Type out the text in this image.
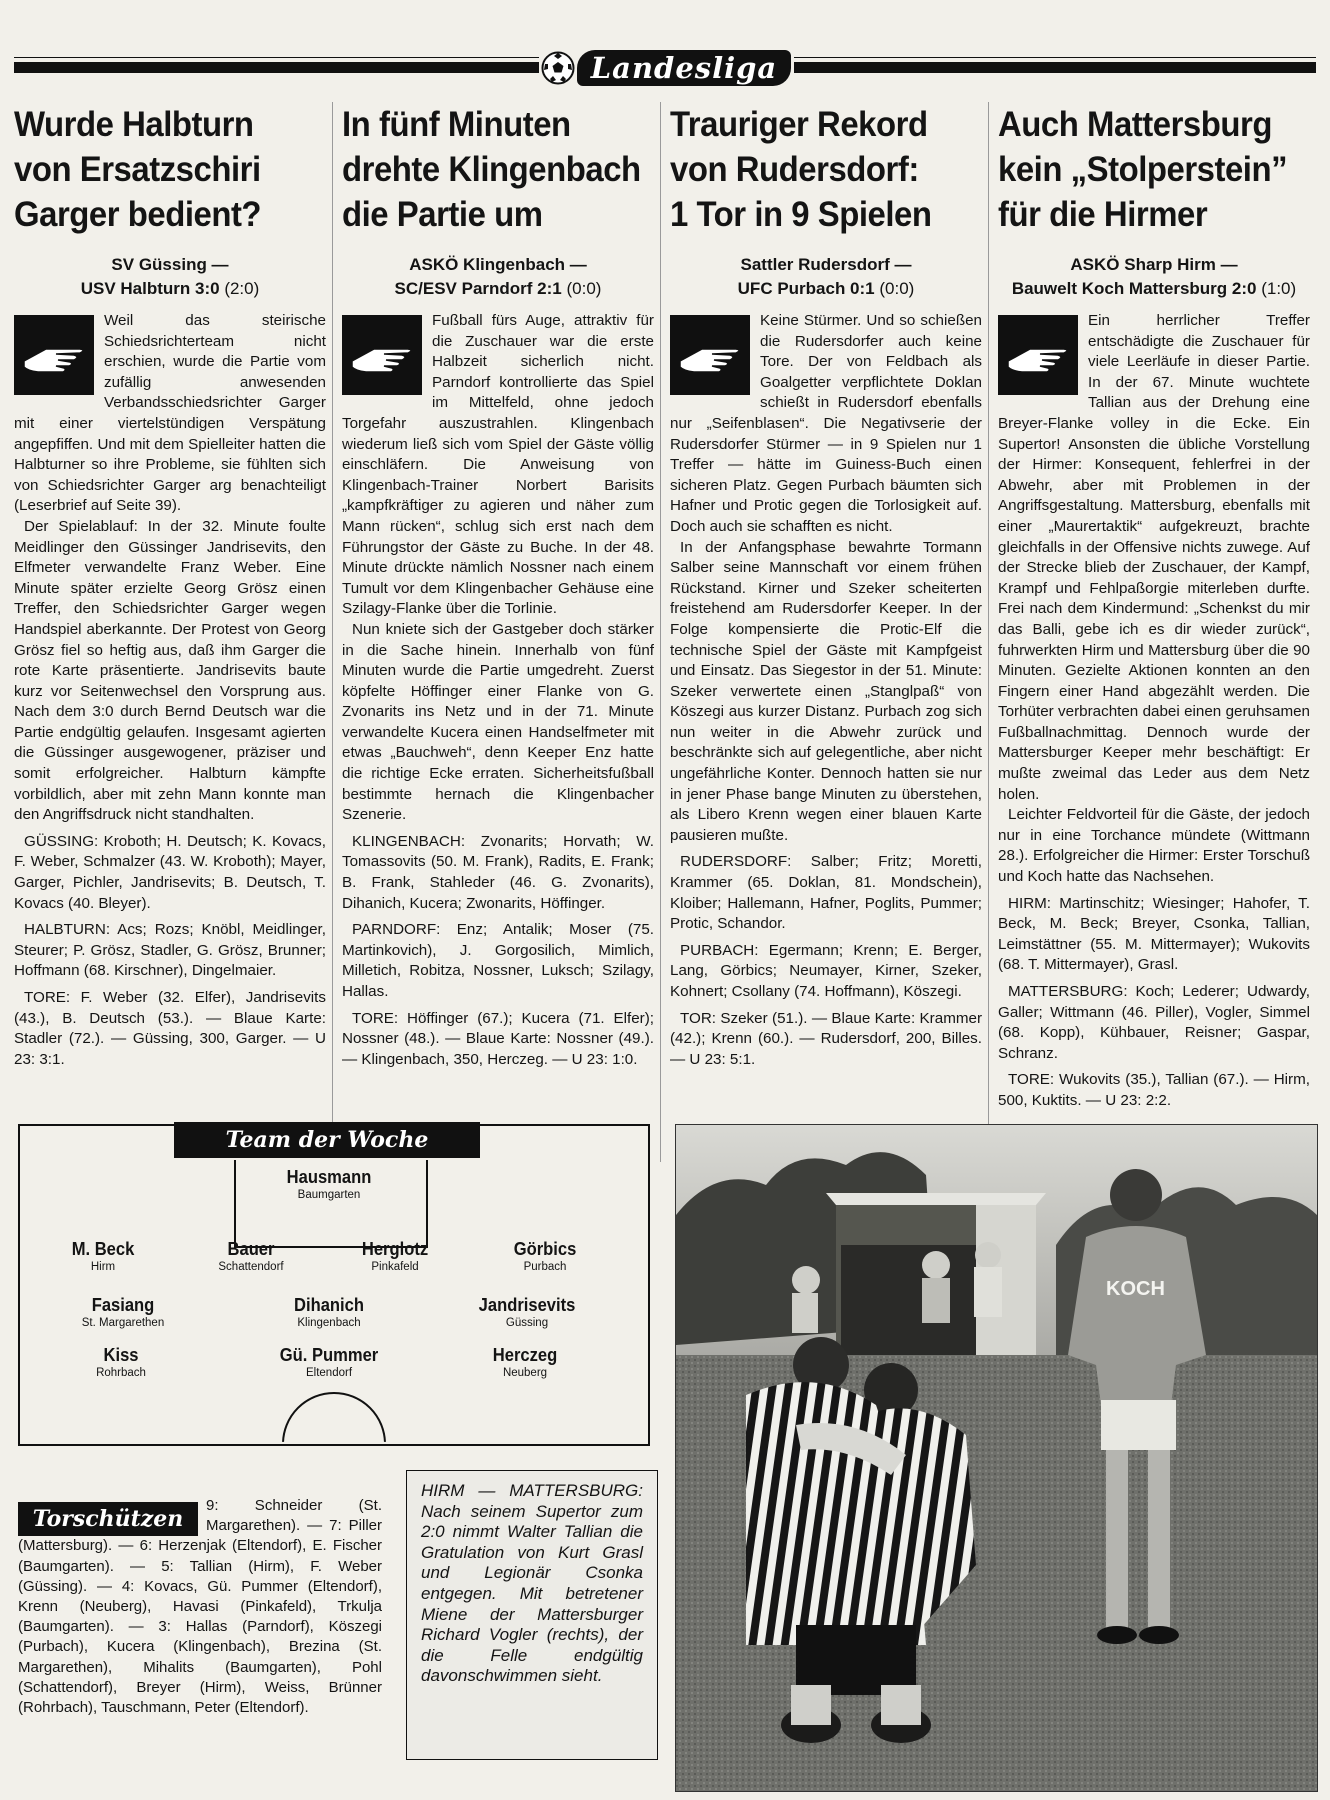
Landesliga
Wurde Halbturn
von Ersatzschiri
Garger bedient?
SV Güssing —
USV Halbturn 3:0 (2:0)

Weil das steirische Schiedsrichterteam nicht erschien, wurde die Partie vom zufällig anwesenden Verbandsschiedsrichter Garger mit einer viertelstündigen Verspätung angepfiffen. Und mit dem Spielleiter hatten die Halbturner so ihre Probleme, sie fühlten sich von Schiedsrichter Garger arg benachteiligt (Leserbrief auf Seite 39).

Der Spielablauf: In der 32. Minute foulte Meidlinger den Güssinger Jandrisevits, den Elfmeter verwandelte Franz Weber. Eine Minute später erzielte Georg Grösz einen Treffer, den Schiedsrichter Garger wegen Handspiel aberkannte. Der Protest von Georg Grösz fiel so heftig aus, daß ihm Garger die rote Karte präsentierte. Jandrisevits baute kurz vor Seitenwechsel den Vorsprung aus. Nach dem 3:0 durch Bernd Deutsch war die Partie endgültig gelaufen. Insgesamt agierten die Güssinger ausgewogener, präziser und somit erfolgreicher. Halbturn kämpfte vorbildlich, aber mit zehn Mann konnte man den Angriffsdruck nicht standhalten.

GÜSSING: Kroboth; H. Deutsch; K. Kovacs, F. Weber, Schmalzer (43. W. Kroboth); Mayer, Garger, Pichler, Jandrisevits; B. Deutsch, T. Kovacs (40. Bleyer).

HALBTURN: Acs; Rozs; Knöbl, Meidlinger, Steurer; P. Grösz, Stadler, G. Grösz, Brunner; Hoffmann (68. Kirschner), Dingelmaier.

TORE: F. Weber (32. Elfer), Jandrisevits (43.), B. Deutsch (53.). — Blaue Karte: Stadler (72.). — Güssing, 300, Garger. — U 23: 3:1.

In fünf Minuten
drehte Klingenbach
die Partie um
ASKÖ Klingenbach —
SC/ESV Parndorf 2:1 (0:0)

Fußball fürs Auge, attraktiv für die Zuschauer war die erste Halbzeit sicherlich nicht. Parndorf kontrollierte das Spiel im Mittelfeld, ohne jedoch Torgefahr auszustrahlen. Klingenbach wiederum ließ sich vom Spiel der Gäste völlig einschläfern. Die Anweisung von Klingenbach-Trainer Norbert Barisits „kampfkräftiger zu agieren und näher zum Mann rücken“, schlug sich erst nach dem Führungstor der Gäste zu Buche. In der 48. Minute drückte nämlich Nossner nach einem Tumult vor dem Klingenbacher Gehäuse eine Szilagy-Flanke über die Torlinie.

Nun kniete sich der Gastgeber doch stärker in die Sache hinein. Innerhalb von fünf Minuten wurde die Partie umgedreht. Zuerst köpfelte Höffinger einer Flanke von G. Zvonarits ins Netz und in der 71. Minute verwandelte Kucera einen Handselfmeter mit etwas „Bauchweh“, denn Keeper Enz hatte die richtige Ecke erraten. Sicherheitsfußball bestimmte hernach die Klingenbacher Szenerie.

KLINGENBACH: Zvonarits; Horvath; W. Tomassovits (50. M. Frank), Radits, E. Frank; B. Frank, Stahleder (46. G. Zvonarits), Dihanich, Kucera; Zwonarits, Höffinger.

PARNDORF: Enz; Antalik; Moser (75. Martinkovich), J. Gorgosilich, Mimlich, Milletich, Robitza, Nossner, Luksch; Szilagy, Hallas.

TORE: Höffinger (67.); Kucera (71. Elfer); Nossner (48.). — Blaue Karte: Nossner (49.). — Klingenbach, 350, Herczeg. — U 23: 1:0.

Trauriger Rekord
von Rudersdorf:
1 Tor in 9 Spielen
Sattler Rudersdorf —
UFC Purbach 0:1 (0:0)

Keine Stürmer. Und so schießen die Rudersdorfer auch keine Tore. Der von Feldbach als Goalgetter verpflichtete Doklan schießt in Rudersdorf ebenfalls nur „Seifenblasen“. Die Negativserie der Rudersdorfer Stürmer — in 9 Spielen nur 1 Treffer — hätte im Guiness-Buch einen sicheren Platz. Gegen Purbach bäumten sich Hafner und Protic gegen die Torlosigkeit auf. Doch auch sie schafften es nicht.

In der Anfangsphase bewahrte Tormann Salber seine Mannschaft vor einem frühen Rückstand. Kirner und Szeker scheiterten freistehend am Rudersdorfer Keeper. In der Folge kompensierte die Protic-Elf die technische Spiel der Gäste mit Kampfgeist und Einsatz. Das Siegestor in der 51. Minute: Szeker verwertete einen „Stanglpaß“ von Köszegi aus kurzer Distanz. Purbach zog sich nun weiter in die Abwehr zurück und beschränkte sich auf gelegentliche, aber nicht ungefährliche Konter. Dennoch hatten sie nur in jener Phase bange Minuten zu überstehen, als Libero Krenn wegen einer blauen Karte pausieren mußte.

RUDERSDORF: Salber; Fritz; Moretti, Krammer (65. Doklan, 81. Mondschein), Kloiber; Hallemann, Hafner, Poglits, Pummer; Protic, Schandor.

PURBACH: Egermann; Krenn; E. Berger, Lang, Görbics; Neumayer, Kirner, Szeker, Kohnert; Csollany (74. Hoffmann), Köszegi.

TOR: Szeker (51.). — Blaue Karte: Krammer (42.); Krenn (60.). — Rudersdorf, 200, Billes. — U 23: 5:1.

Auch Mattersburg
kein „Stolperstein”
für die Hirmer
ASKÖ Sharp Hirm —
Bauwelt Koch Mattersburg 2:0 (1:0)

Ein herrlicher Treffer entschädigte die Zuschauer für viele Leerläufe in dieser Partie. In der 67. Minute wuchtete Tallian aus der Drehung eine Breyer-Flanke volley in die Ecke. Ein Supertor! Ansonsten die übliche Vorstellung der Hirmer: Konsequent, fehlerfrei in der Abwehr, aber mit Problemen in der Angriffsgestaltung. Mattersburg, ebenfalls mit einer „Maurertaktik“ aufgekreuzt, brachte gleichfalls in der Offensive nichts zuwege. Auf der Strecke blieb der Zuschauer, der Kampf, Krampf und Fehlpaßorgie miterleben durfte. Frei nach dem Kindermund: „Schenkst du mir das Balli, gebe ich es dir wieder zurück“, fuhrwerkten Hirm und Mattersburg über die 90 Minuten. Gezielte Aktionen konnten an den Fingern einer Hand abgezählt werden. Die Torhüter verbrachten dabei einen geruhsamen Fußballnachmittag. Dennoch wurde der Mattersburger Keeper mehr beschäftigt: Er mußte zweimal das Leder aus dem Netz holen.

Leichter Feldvorteil für die Gäste, der jedoch nur in eine Torchance mündete (Wittmann 28.). Erfolgreicher die Hirmer: Erster Torschuß und Koch hatte das Nachsehen.

HIRM: Martinschitz; Wiesinger; Hahofer, T. Beck, M. Beck; Breyer, Csonka, Tallian, Leimstättner (55. M. Mittermayer); Wukovits (68. T. Mittermayer), Grasl.

MATTERSBURG: Koch; Lederer; Udwardy, Galler; Wittmann (46. Piller), Vogler, Simmel (68. Kopp), Kühbauer, Reisner; Gaspar, Schranz.

TORE: Wukovits (35.), Tallian (67.). — Hirm, 500, Kuktits. — U 23: 2:2.

Team der Woche
Hausmann
Baumgarten
M. Beck
Hirm
Bauer
Schattendorf
Herglotz
Pinkafeld
Görbics
Purbach
Fasiang
St. Margarethen
Dihanich
Klingenbach
Jandrisevits
Güssing
Kiss
Rohrbach
Gü. Pummer
Eltendorf
Herczeg
Neuberg
KOCH
Torschützen

9: Schneider (St. Margarethen). — 7: Piller (Mattersburg). — 6: Herzenjak (Eltendorf), E. Fischer (Baumgarten). — 5: Tallian (Hirm), F. Weber (Güssing). — 4: Kovacs, Gü. Pummer (Eltendorf), Krenn (Neuberg), Havasi (Pinkafeld), Trkulja (Baumgarten). — 3: Hallas (Parndorf), Köszegi (Purbach), Kucera (Klingenbach), Brezina (St. Margarethen), Mihalits (Baumgarten), Pohl (Schattendorf), Breyer (Hirm), Weiss, Brünner (Rohrbach), Tauschmann, Peter (Eltendorf).

HIRM — MATTERSBURG: Nach seinem Supertor zum 2:0 nimmt Walter Tallian die Gratulation von Kurt Grasl und Legionär Csonka entgegen. Mit betretener Miene der Mattersburger Richard Vogler (rechts), der die Felle endgültig davonschwimmen sieht.
